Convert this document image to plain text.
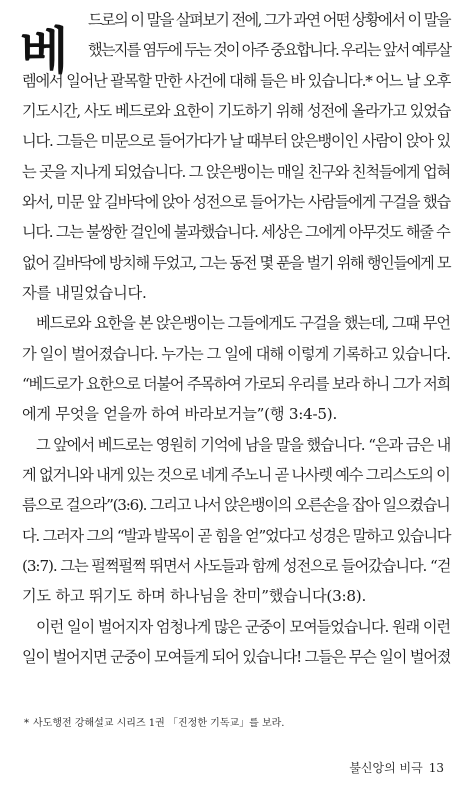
베
드로의 이 말을 살펴보기 전에, 그가 과연 어떤 상황에서 이 말을
했는지를 염두에 두는 것이 아주 중요합니다. 우리는 앞서 예루살
렘에서 일어난 괄목할 만한 사건에 대해 들은 바 있습니다.* 어느 날 오후
기도시간, 사도 베드로와 요한이 기도하기 위해 성전에 올라가고 있었습
니다. 그들은 미문으로 들어가다가 날 때부터 앉은뱅이인 사람이 앉아 있
는 곳을 지나게 되었습니다. 그 앉은뱅이는 매일 친구와 친척들에게 업혀
와서, 미문 앞 길바닥에 앉아 성전으로 들어가는 사람들에게 구걸을 했습
니다. 그는 불쌍한 걸인에 불과했습니다. 세상은 그에게 아무것도 해줄 수
없어 길바닥에 방치해 두었고, 그는 동전 몇 푼을 벌기 위해 행인들에게 모
자를 내밀었습니다.
베드로와 요한을 본 앉은뱅이는 그들에게도 구걸을 했는데, 그때 무언
가 일이 벌어졌습니다. 누가는 그 일에 대해 이렇게 기록하고 있습니다.
“베드로가 요한으로 더불어 주목하여 가로되 우리를 보라 하니 그가 저희
에게 무엇을 얻을까 하여 바라보거늘”(행 3:4-5).
그 앞에서 베드로는 영원히 기억에 남을 말을 했습니다. “은과 금은 내
게 없거니와 내게 있는 것으로 네게 주노니 곧 나사렛 예수 그리스도의 이
름으로 걸으라”(3:6). 그리고 나서 앉은뱅이의 오른손을 잡아 일으켰습니
다. 그러자 그의 “발과 발목이 곧 힘을 얻”었다고 성경은 말하고 있습니다
(3:7). 그는 펄쩍펄쩍 뛰면서 사도들과 함께 성전으로 들어갔습니다. “걷
기도 하고 뛰기도 하며 하나님을 찬미”했습니다(3:8).
이런 일이 벌어지자 엄청나게 많은 군중이 모여들었습니다. 원래 이런
일이 벌어지면 군중이 모여들게 되어 있습니다! 그들은 무슨 일이 벌어졌
* 사도행전 강해설교 시리즈 1권 「진정한 기독교」를 보라.
불신앙의 비극 13
